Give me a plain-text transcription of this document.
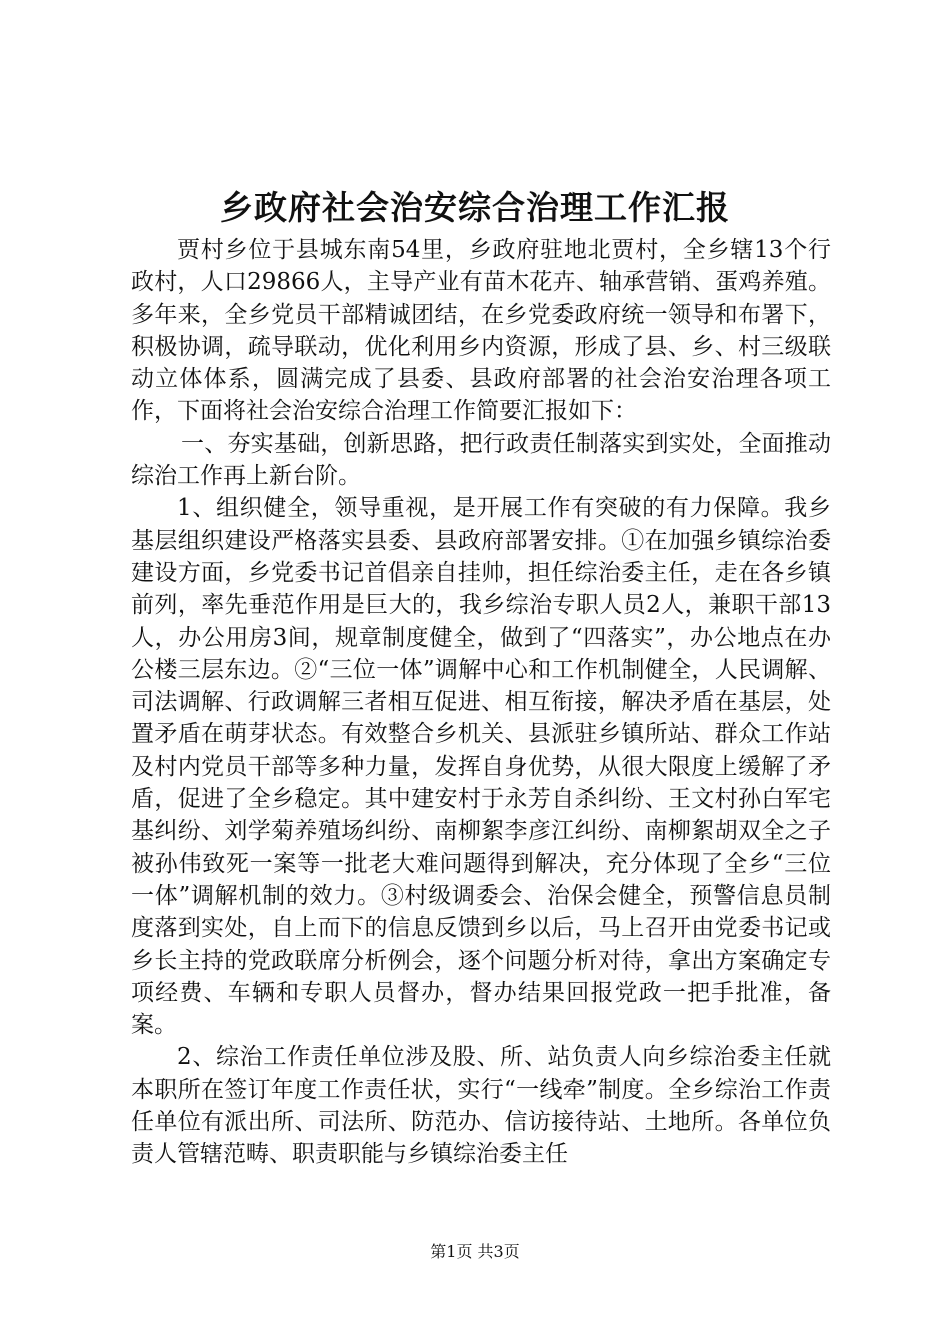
乡政府社会治安综合治理工作汇报

贾村乡位于县城东南54里，乡政府驻地北贾村，全乡辖13个行政村，人口29866人，主导产业有苗木花卉、轴承营销、蛋鸡养殖。多年来，全乡党员干部精诚团结，在乡党委政府统一领导和布署下，积极协调，疏导联动，优化利用乡内资源，形成了县、乡、村三级联动立体体系，圆满完成了县委、县政府部署的社会治安治理各项工作，下面将社会治安综合治理工作简要汇报如下：

一、夯实基础，创新思路，把行政责任制落实到实处，全面推动综治工作再上新台阶。

1、组织健全，领导重视，是开展工作有突破的有力保障。我乡基层组织建设严格落实县委、县政府部署安排。①在加强乡镇综治委建设方面，乡党委书记首倡亲自挂帅，担任综治委主任，走在各乡镇前列，率先垂范作用是巨大的，我乡综治专职人员2人，兼职干部13人，办公用房3间，规章制度健全，做到了“四落实”，办公地点在办公楼三层东边。②“三位一体”调解中心和工作机制健全，人民调解、司法调解、行政调解三者相互促进、相互衔接，解决矛盾在基层，处置矛盾在萌芽状态。有效整合乡机关、县派驻乡镇所站、群众工作站及村内党员干部等多种力量，发挥自身优势，从很大限度上缓解了矛盾，促进了全乡稳定。其中建安村于永芳自杀纠纷、王文村孙白军宅基纠纷、刘学菊养殖场纠纷、南柳絮李彦江纠纷、南柳絮胡双全之子被孙伟致死一案等一批老大难问题得到解决，充分体现了全乡“三位一体”调解机制的效力。③村级调委会、治保会健全，预警信息员制度落到实处，自上而下的信息反馈到乡以后，马上召开由党委书记或乡长主持的党政联席分析例会，逐个问题分析对待，拿出方案确定专项经费、车辆和专职人员督办，督办结果回报党政一把手批准，备案。

2、综治工作责任单位涉及股、所、站负责人向乡综治委主任就本职所在签订年度工作责任状，实行“一线牵”制度。全乡综治工作责任单位有派出所、司法所、防范办、信访接待站、土地所。各单位负责人管辖范畴、职责职能与乡镇综治委主任

第1页 共3页
